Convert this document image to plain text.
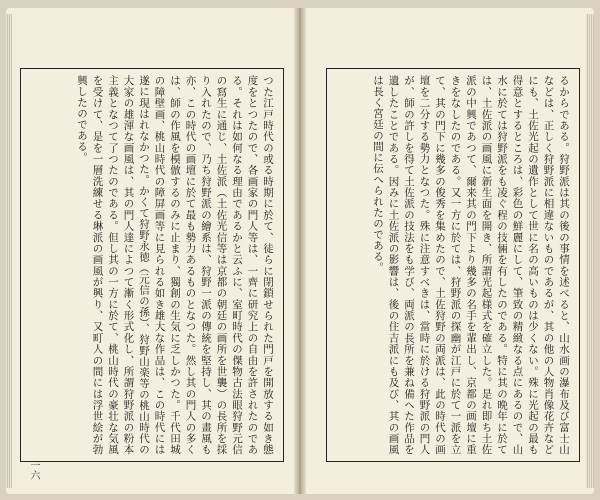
つた江戸時代の或る時期に於て、徒らに閉鎖せられた門戸を開放する如き態度をとつたので、各画家の門人等は、一齊に研究上の自由を許されたのである。それは如何なる理由であるかと云ふに、室町時代の傑物古法眼狩野元信の寫生に通じ、土佐派（土佐光信等は京都の朝廷の画所を世襲）の長所を採り入れたので、乃ち狩野派の繪系は、狩野一派の傳統を堅持し、其の畫風も亦、この時代の画壇に於て最も勢力あるものとなつた。然し其の門人の多くは、師の作風を模倣するのみに止まり、獨創の生気に乏しかつた。千代田城の障壁画、桃山時代の障屏画等に見られる如き雄大な作品は、この時代には遂に現はれなかつた。かくて狩野永徳（元信の孫）、狩野山楽等の桃山時代の大家の雄渾な画風は、其の門人達によつて漸く形式化し、所謂狩野派の粉本主義となつて了つたのである。但し其の一方に於て、桃山時代の豪壮な気風を受けて、是を一層洗練せる琳派の画風が興り、又町人の間には浮世絵が勃興したのである。
一六
るからである。狩野派は其の後の事情を述べると、山水画の瀑布及び富士山などは、正しく狩野派に相違ないものであるが、其の他の人物肖像花卉などにも、土佐光起の遺作として世に名の高いものは少くない。殊に光起の最も得意とするところは、彩色の鮮麗にして、筆致の精緻なる点にあるので、山水に於ては狩野派をも凌ぐ程の技倆を有したのである。特に其の晩年に於ては、土佐派の画風に新生面を開き、所謂光起様式を確立した。是れ即ち土佐派の中興であつて、爾来其の門下より幾多の名手を輩出し、京都の画壇に重きをなしたのである。又一方に於ては、狩野派の探幽が江戸に於て一派を立て、其の門下に幾多の俊秀を集めたので、土佐狩野の両派は、此の時代の画壇を二分する勢力となつた。殊に注意すべきは、當時に於ける狩野派の門人が、師の許しを得て土佐派の技法をも学び、両派の長所を兼ね備へた作品を遺したことである。因みに土佐派の影響は、後の住吉派にも及び、其の画風は長く宮廷の間に伝へられたのである。
